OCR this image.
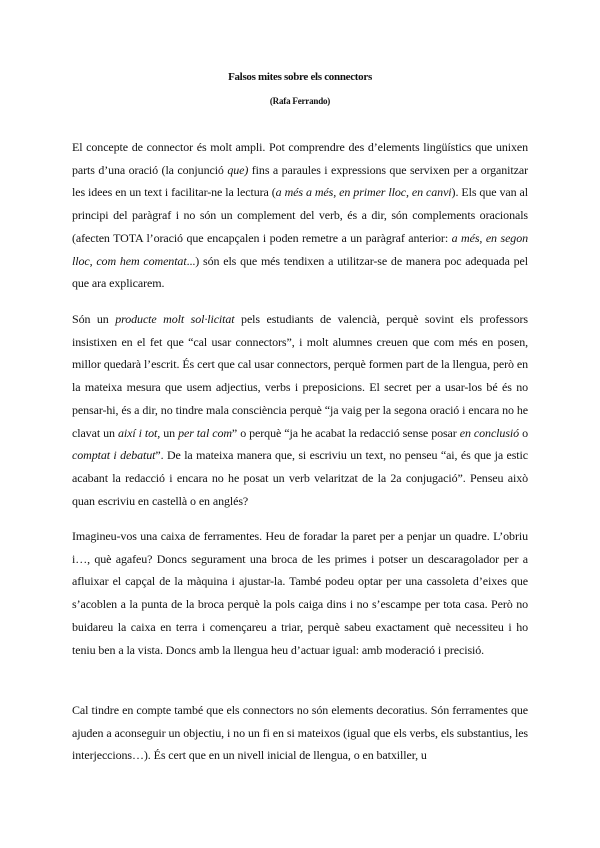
Falsos mites sobre els connectors
(Rafa Ferrando)

El concepte de connector és molt ampli. Pot comprendre des d’elements lingüístics que unixen parts d’una oració (la conjunció que) fins a paraules i expressions que servixen per a organitzar les idees en un text i facilitar-ne la lectura (a més a més, en primer lloc, en canvi). Els que van al principi del paràgraf i no són un complement del verb, és a dir, són complements oracionals (afecten TOTA l’oració que encapçalen i poden remetre a un paràgraf anterior: a més, en segon lloc, com hem comentat...) són els que més tendixen a utilitzar-se de manera poc adequada pel que ara explicarem.

Són un producte molt sol·licitat pels estudiants de valencià, perquè sovint els professors insistixen en el fet que “cal usar connectors”, i molt alumnes creuen que com més en posen, millor quedarà l’escrit. És cert que cal usar connectors, perquè formen part de la llengua, però en la mateixa mesura que usem adjectius, verbs i preposicions. El secret per a usar-los bé és no pensar-hi, és a dir, no tindre mala consciència perquè “ja vaig per la segona oració i encara no he clavat un així i tot, un per tal com” o perquè “ja he acabat la redacció sense posar en conclusió o comptat i debatut”. De la mateixa manera que, si escriviu un text, no penseu “ai, és que ja estic acabant la redacció i encara no he posat un verb velaritzat de la 2a conjugació”. Penseu això quan escriviu en castellà o en anglés?

Imagineu-vos una caixa de ferramentes. Heu de foradar la paret per a penjar un quadre. L’obriu i…, què agafeu? Doncs segurament una broca de les primes i potser un descaragolador per a afluixar el capçal de la màquina i ajustar-la. També podeu optar per una cassoleta d’eixes que s’acoblen a la punta de la broca perquè la pols caiga dins i no s’escampe per tota casa. Però no buidareu la caixa en terra i començareu a triar, perquè sabeu exactament què necessiteu i ho teniu ben a la vista. Doncs amb la llengua heu d’actuar igual: amb moderació i precisió.

Cal tindre en compte també que els connectors no són elements decoratius. Són ferramentes que ajuden a aconseguir un objectiu, i no un fi en si mateixos (igual que els verbs, els substantius, les interjeccions…). És cert que en un nivell inicial de llengua, o en batxiller, u
